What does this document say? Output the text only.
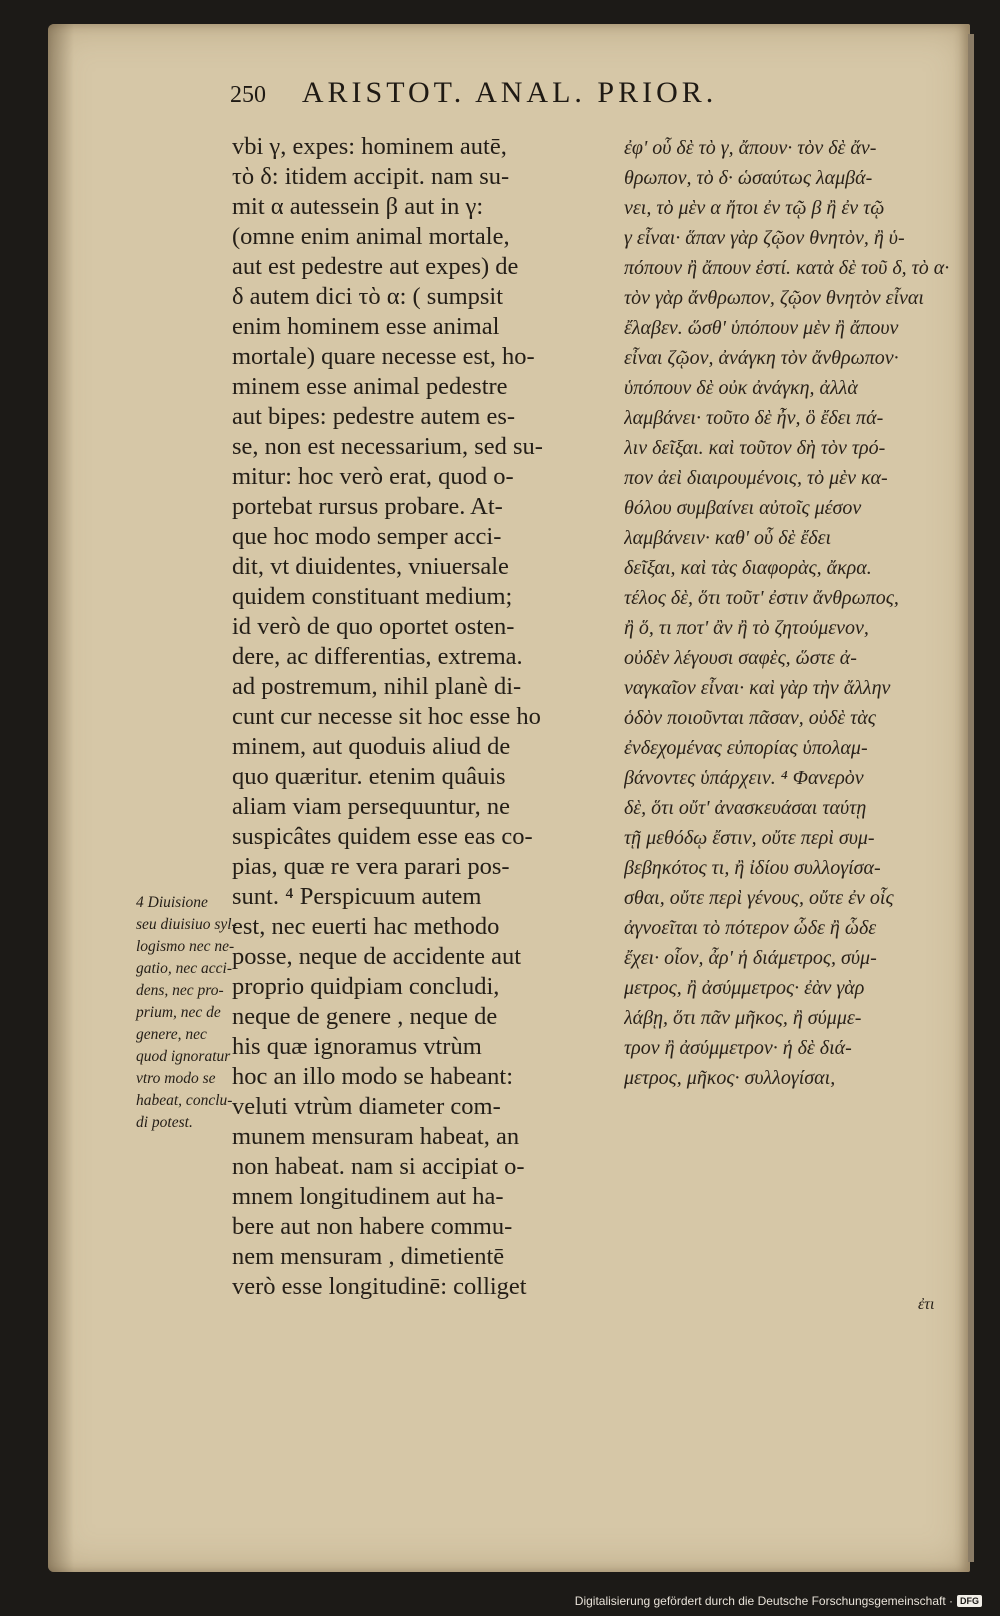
250 ARISTOT. ANAL. PRIOR.
vbi γ, expes: hominem autē,
τὸ δ: itidem accipit. nam su-
mit α autessein β aut in γ:
(omne enim animal mortale,
aut est pedestre aut expes) de
δ autem dici τὸ α: ( sumpsit
enim hominem esse animal
mortale) quare necesse est, ho-
minem esse animal pedestre
aut bipes: pedestre autem es-
se, non est necessarium, sed su-
mitur: hoc verò erat, quod o-
portebat rursus probare. At-
que hoc modo semper acci-
dit, vt diuidentes, vniuersale
quidem constituant medium;
id verò de quo oportet osten-
dere, ac differentias, extrema.
ad postremum, nihil planè di-
cunt cur necesse sit hoc esse ho
minem, aut quoduis aliud de
quo quæritur. etenim quâuis
aliam viam persequuntur, ne
suspicâtes quidem esse eas co-
pias, quæ re vera parari pos-
sunt. ⁴ Perspicuum autem
est, nec euerti hac methodo
posse, neque de accidente aut
proprio quidpiam concludi,
neque de genere , neque de
his quæ ignoramus vtrùm
hoc an illo modo se habeant:
veluti vtrùm diameter com-
munem mensuram habeat, an
non habeat. nam si accipiat o-
mnem longitudinem aut ha-
bere aut non habere commu-
nem mensuram , dimetientē
verò esse longitudinē: colliget
ἐφ' οὗ δὲ τὸ γ, ἄπουν· τὸν δὲ ἄν-
θρωπον, τὸ δ· ὡσαύτως λαμβά-
νει, τὸ μὲν α ἤτοι ἐν τῷ β ἢ ἐν τῷ
γ εἶναι· ἅπαν γὰρ ζῷον θνητὸν, ἢ ὑ-
πόπουν ἢ ἄπουν ἐστί. κατὰ δὲ τοῦ δ, τὸ α·
τὸν γὰρ ἄνθρωπον, ζῷον θνητὸν εἶναι
ἔλαβεν. ὥσθ' ὑπόπουν μὲν ἢ ἄπουν
εἶναι ζῷον, ἀνάγκη τὸν ἄνθρωπον·
ὑπόπουν δὲ οὐκ ἀνάγκη, ἀλλὰ
λαμβάνει· τοῦτο δὲ ἦν, ὃ ἔδει πά-
λιν δεῖξαι. καὶ τοῦτον δὴ τὸν τρό-
πον ἀεὶ διαιρουμένοις, τὸ μὲν κα-
θόλου συμβαίνει αὐτοῖς μέσον
λαμβάνειν· καθ' οὗ δὲ ἔδει
δεῖξαι, καὶ τὰς διαφορὰς, ἄκρα.
τέλος δὲ, ὅτι τοῦτ' ἐστιν ἄνθρωπος,
ἢ ὅ, τι ποτ' ἂν ἢ τὸ ζητούμενον,
οὐδὲν λέγουσι σαφὲς, ὥστε ἀ-
ναγκαῖον εἶναι· καὶ γὰρ τὴν ἄλλην
ὁδὸν ποιοῦνται πᾶσαν, οὐδὲ τὰς
ἐνδεχομένας εὐπορίας ὑπολαμ-
βάνοντες ὑπάρχειν. ⁴ Φανερὸν
δὲ, ὅτι οὔτ' ἀνασκευάσαι ταύτῃ
τῇ μεθόδῳ ἔστιν, οὔτε περὶ συμ-
βεβηκότος τι, ἢ ἰδίου συλλογίσα-
σθαι, οὔτε περὶ γένους, οὔτε ἐν οἷς
ἀγνοεῖται τὸ πότερον ὧδε ἢ ὧδε
ἔχει· οἷον, ἆρ' ἡ διάμετρος, σύμ-
μετρος, ἢ ἀσύμμετρος· ἐὰν γὰρ
λάβῃ, ὅτι πᾶν μῆκος, ἢ σύμμε-
τρον ἢ ἀσύμμετρον· ἡ δὲ διά-
μετρος, μῆκος· συλλογίσαι,
4 Diuisione
seu diuisiuo syl-
logismo nec ne-
gatio, nec acci-
dens, nec pro-
prium, nec de
genere, nec
quod ignoratur
vtro modo se
habeat, conclu-
di potest.
ἐτι
Digitalisierung gefördert durch die Deutsche Forschungsgemeinschaft · DFG
